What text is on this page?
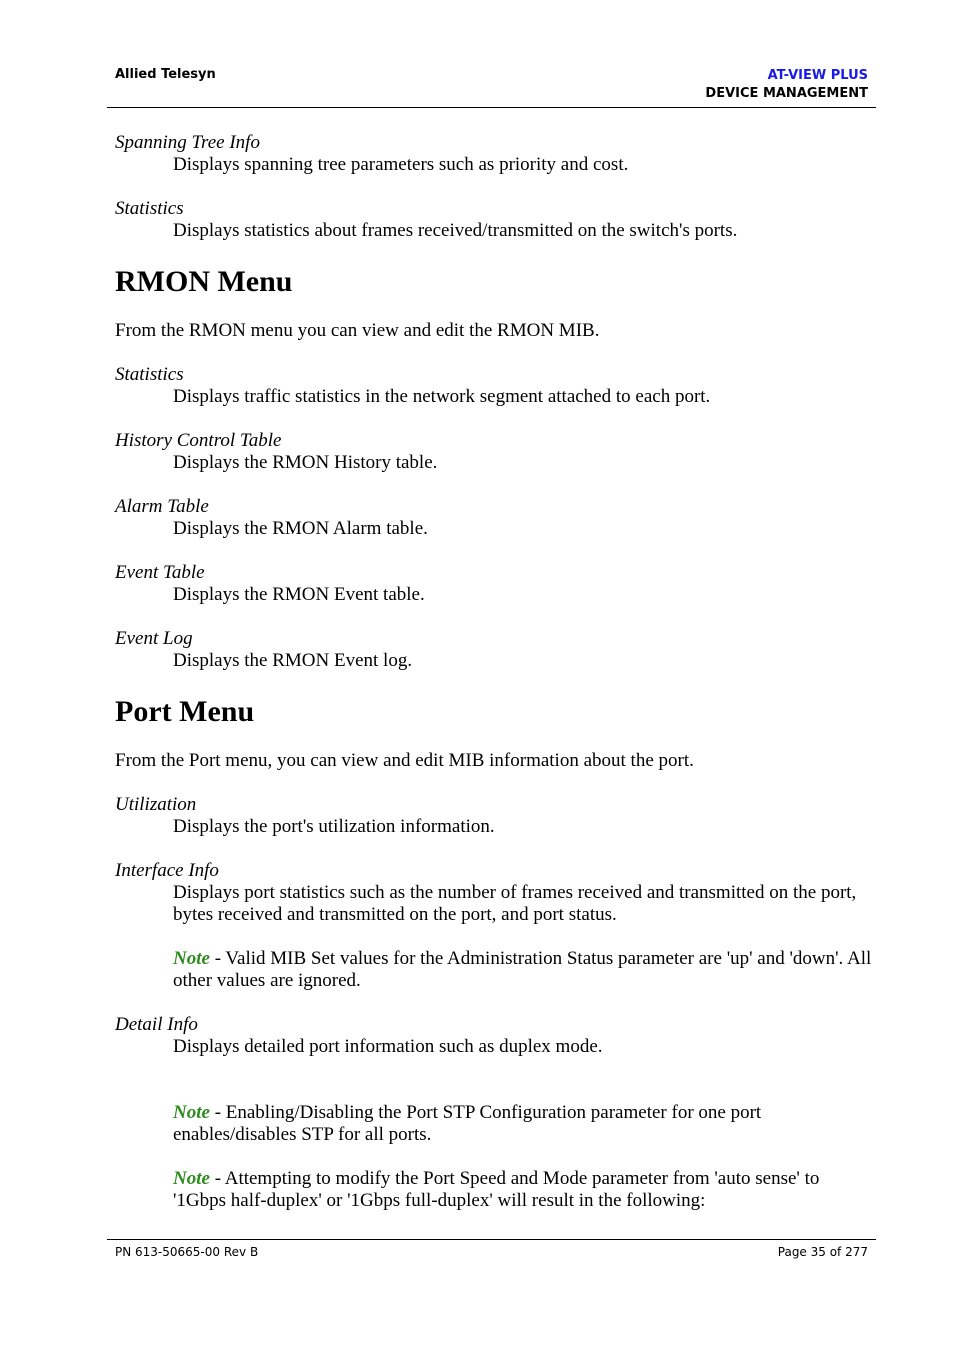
Allied Telesyn	AT-VIEW PLUS
DEVICE MANAGEMENT

Spanning Tree Info

Displays spanning tree parameters such as priority and cost.

Statistics

Displays statistics about frames received/transmitted on the switch's ports.

RMON Menu

From the RMON menu you can view and edit the RMON MIB.

Statistics

Displays traffic statistics in the network segment attached to each port.

History Control Table

Displays the RMON History table.

Alarm Table

Displays the RMON Alarm table.

Event Table

Displays the RMON Event table.

Event Log

Displays the RMON Event log.

Port Menu

From the Port menu, you can view and edit MIB information about the port.

Utilization

Displays the port's utilization information.

Interface Info

Displays port statistics such as the number of frames received and transmitted on the port, bytes received and transmitted on the port, and port status.

Note - Valid MIB Set values for the Administration Status parameter are 'up' and 'down'. All other values are ignored.

Detail Info

Displays detailed port information such as duplex mode.

Note - Enabling/Disabling the Port STP Configuration parameter for one port enables/disables STP for all ports.

Note - Attempting to modify the Port Speed and Mode parameter from 'auto sense' to '1Gbps half-duplex' or '1Gbps full-duplex' will result in the following:

PN 613-50665-00 Rev B	Page 35 of 277
